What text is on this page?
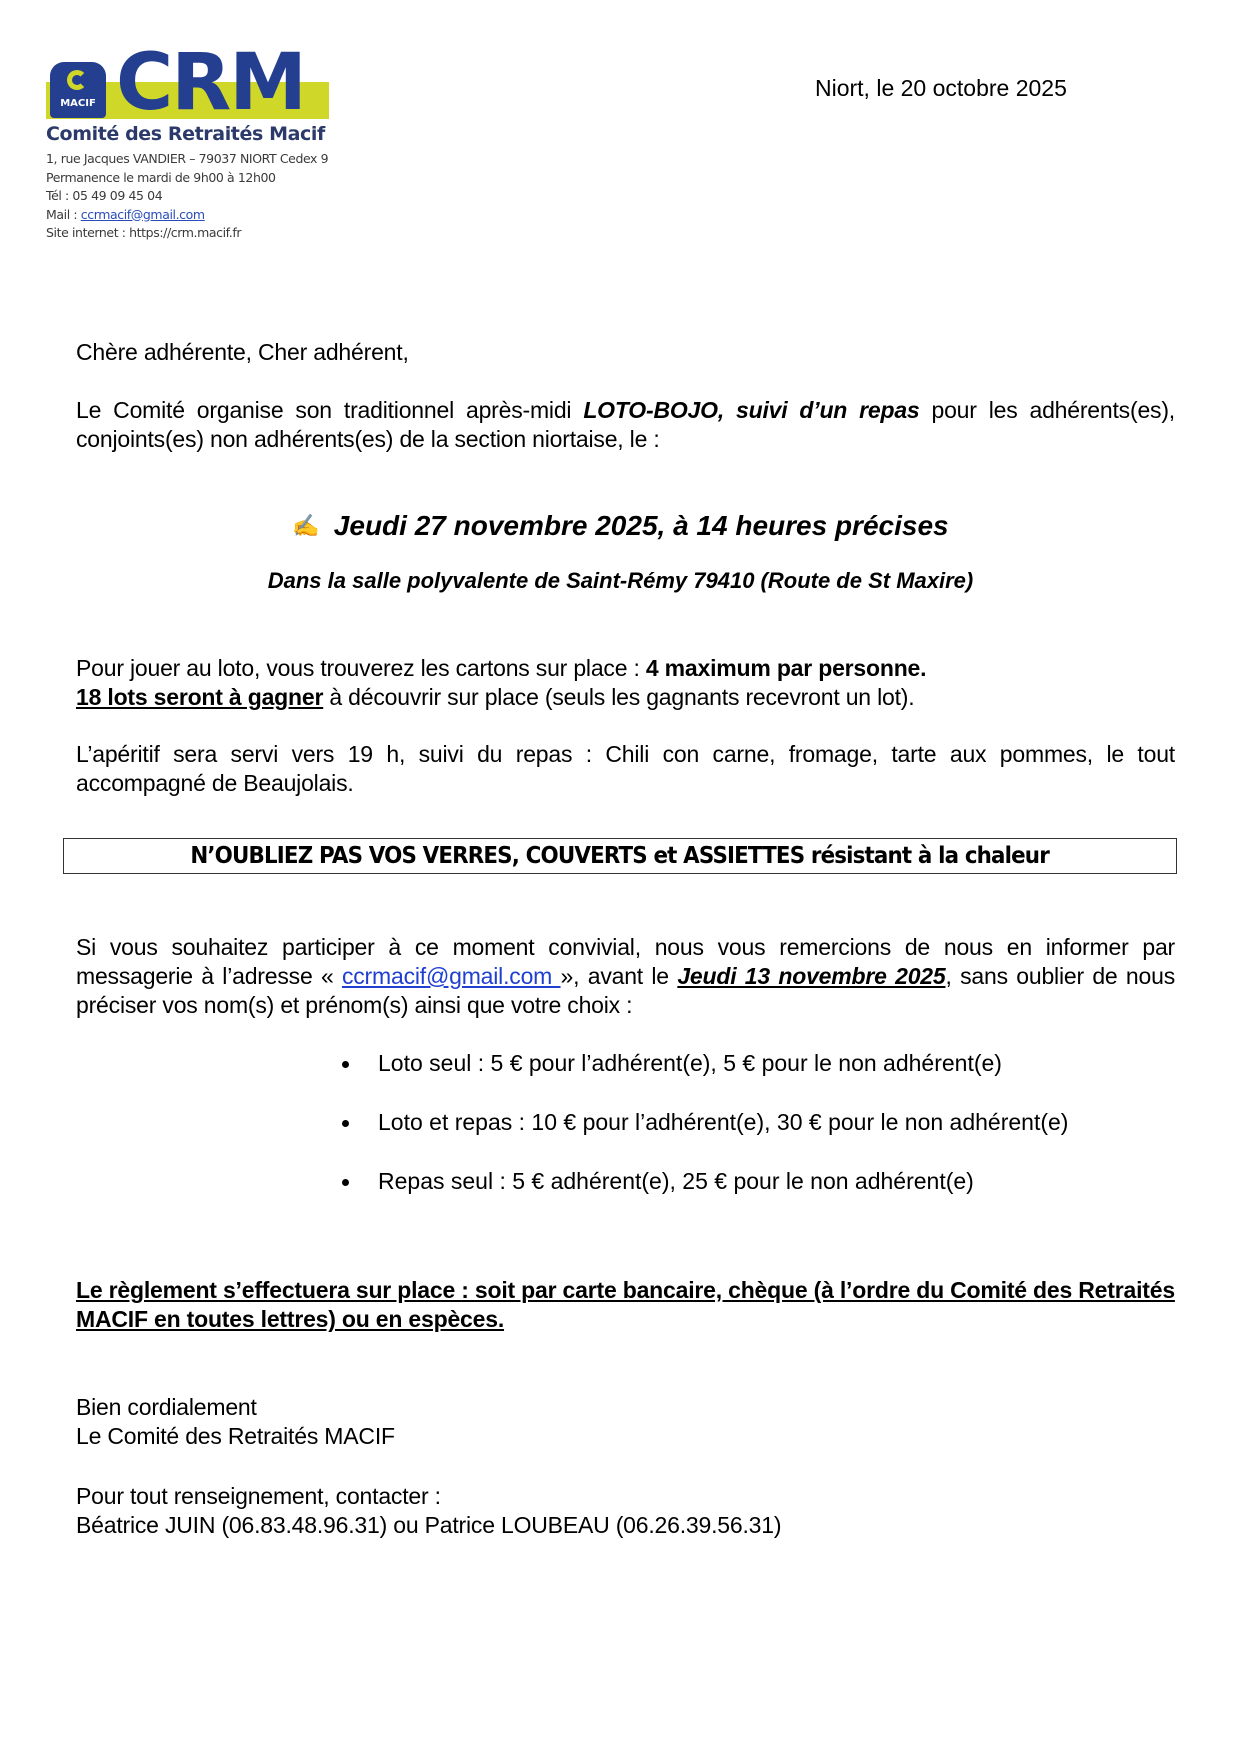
MACIF CRM
Comité des Retraités Macif
1, rue Jacques VANDIER – 79037 NIORT Cedex 9
Permanence le mardi de 9h00 à 12h00
Tél : 05 49 09 45 04
Mail : ccrmacif@gmail.com
Site internet : https://crm.macif.fr
Niort, le 20 octobre 2025
Chère adhérente, Cher adhérent,
Le Comité organise son traditionnel après-midi LOTO-BOJO, suivi d’un repas pour les adhérents(es), conjoints(es) non adhérents(es) de la section niortaise, le :
✍ Jeudi 27 novembre 2025, à 14 heures précises
Dans la salle polyvalente de Saint-Rémy 79410 (Route de St Maxire)
Pour jouer au loto, vous trouverez les cartons sur place : 4 maximum par personne.
18 lots seront à gagner à découvrir sur place (seuls les gagnants recevront un lot).
L’apéritif sera servi vers 19 h, suivi du repas : Chili con carne, fromage, tarte aux pommes, le tout accompagné de Beaujolais.
N’OUBLIEZ PAS VOS VERRES, COUVERTS et ASSIETTES résistant à la chaleur
Si vous souhaitez participer à ce moment convivial, nous vous remercions de nous en informer par messagerie à l’adresse « ccrmacif@gmail.com », avant le Jeudi 13 novembre 2025, sans oublier de nous préciser vos nom(s) et prénom(s) ainsi que votre choix :
Loto seul : 5 € pour l’adhérent(e), 5 € pour le non adhérent(e)
Loto et repas : 10 € pour l’adhérent(e), 30 € pour le non adhérent(e)
Repas seul : 5 € adhérent(e), 25 € pour le non adhérent(e)
Le règlement s’effectuera sur place : soit par carte bancaire, chèque (à l’ordre du Comité des Retraités MACIF en toutes lettres) ou en espèces.
Bien cordialement
Le Comité des Retraités MACIF
Pour tout renseignement, contacter :
Béatrice JUIN (06.83.48.96.31) ou Patrice LOUBEAU (06.26.39.56.31)
